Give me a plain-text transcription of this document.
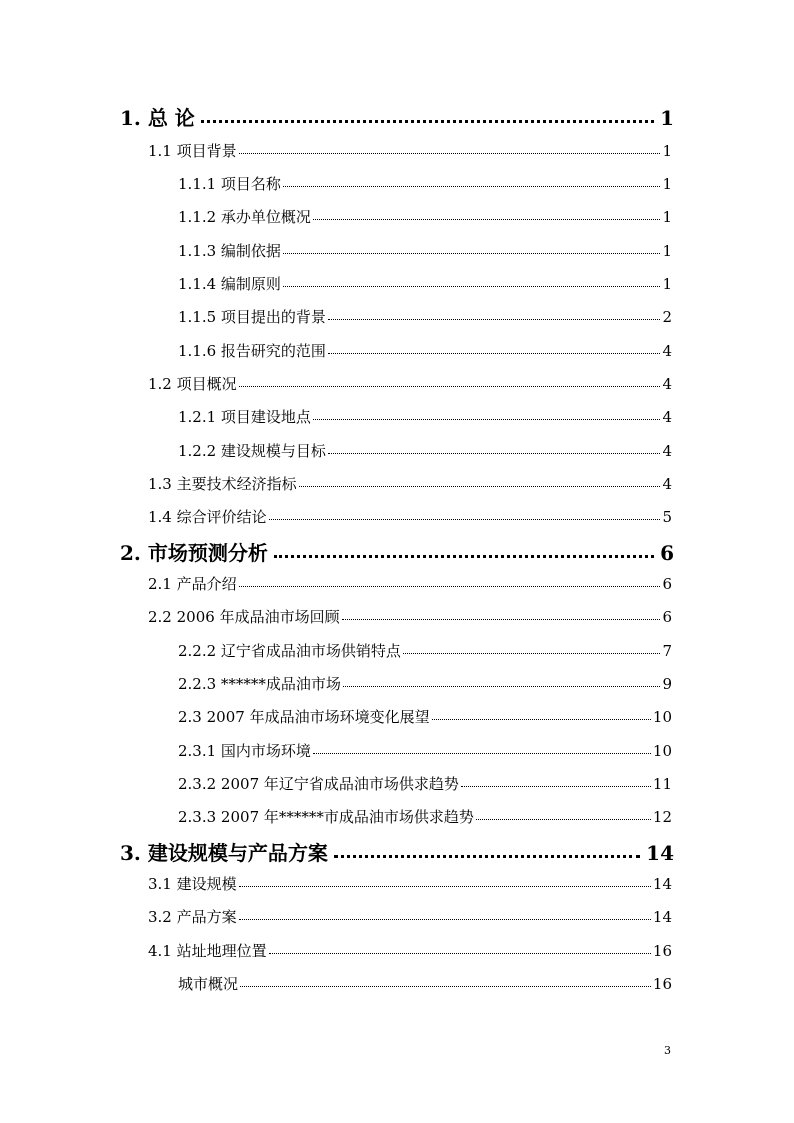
1. 总 论	1
1.1 项目背景	1
1.1.1 项目名称	1
1.1.2 承办单位概况	1
1.1.3 编制依据	1
1.1.4 编制原则	1
1.1.5 项目提出的背景	2
1.1.6 报告研究的范围	4
1.2 项目概况	4
1.2.1 项目建设地点	4
1.2.2 建设规模与目标	4
1.3 主要技术经济指标	4
1.4 综合评价结论	5
2. 市场预测分析	6
2.1 产品介绍	6
2.2 2006 年成品油市场回顾	6
2.2.2 辽宁省成品油市场供销特点	7
2.2.3 ******成品油市场	9
2.3 2007 年成品油市场环境变化展望	10
2.3.1 国内市场环境	10
2.3.2 2007 年辽宁省成品油市场供求趋势	11
2.3.3 2007 年******市成品油市场供求趋势	12
3. 建设规模与产品方案	14
3.1 建设规模	14
3.2 产品方案	14
4.1 站址地理位置	16
城市概况	16
3
